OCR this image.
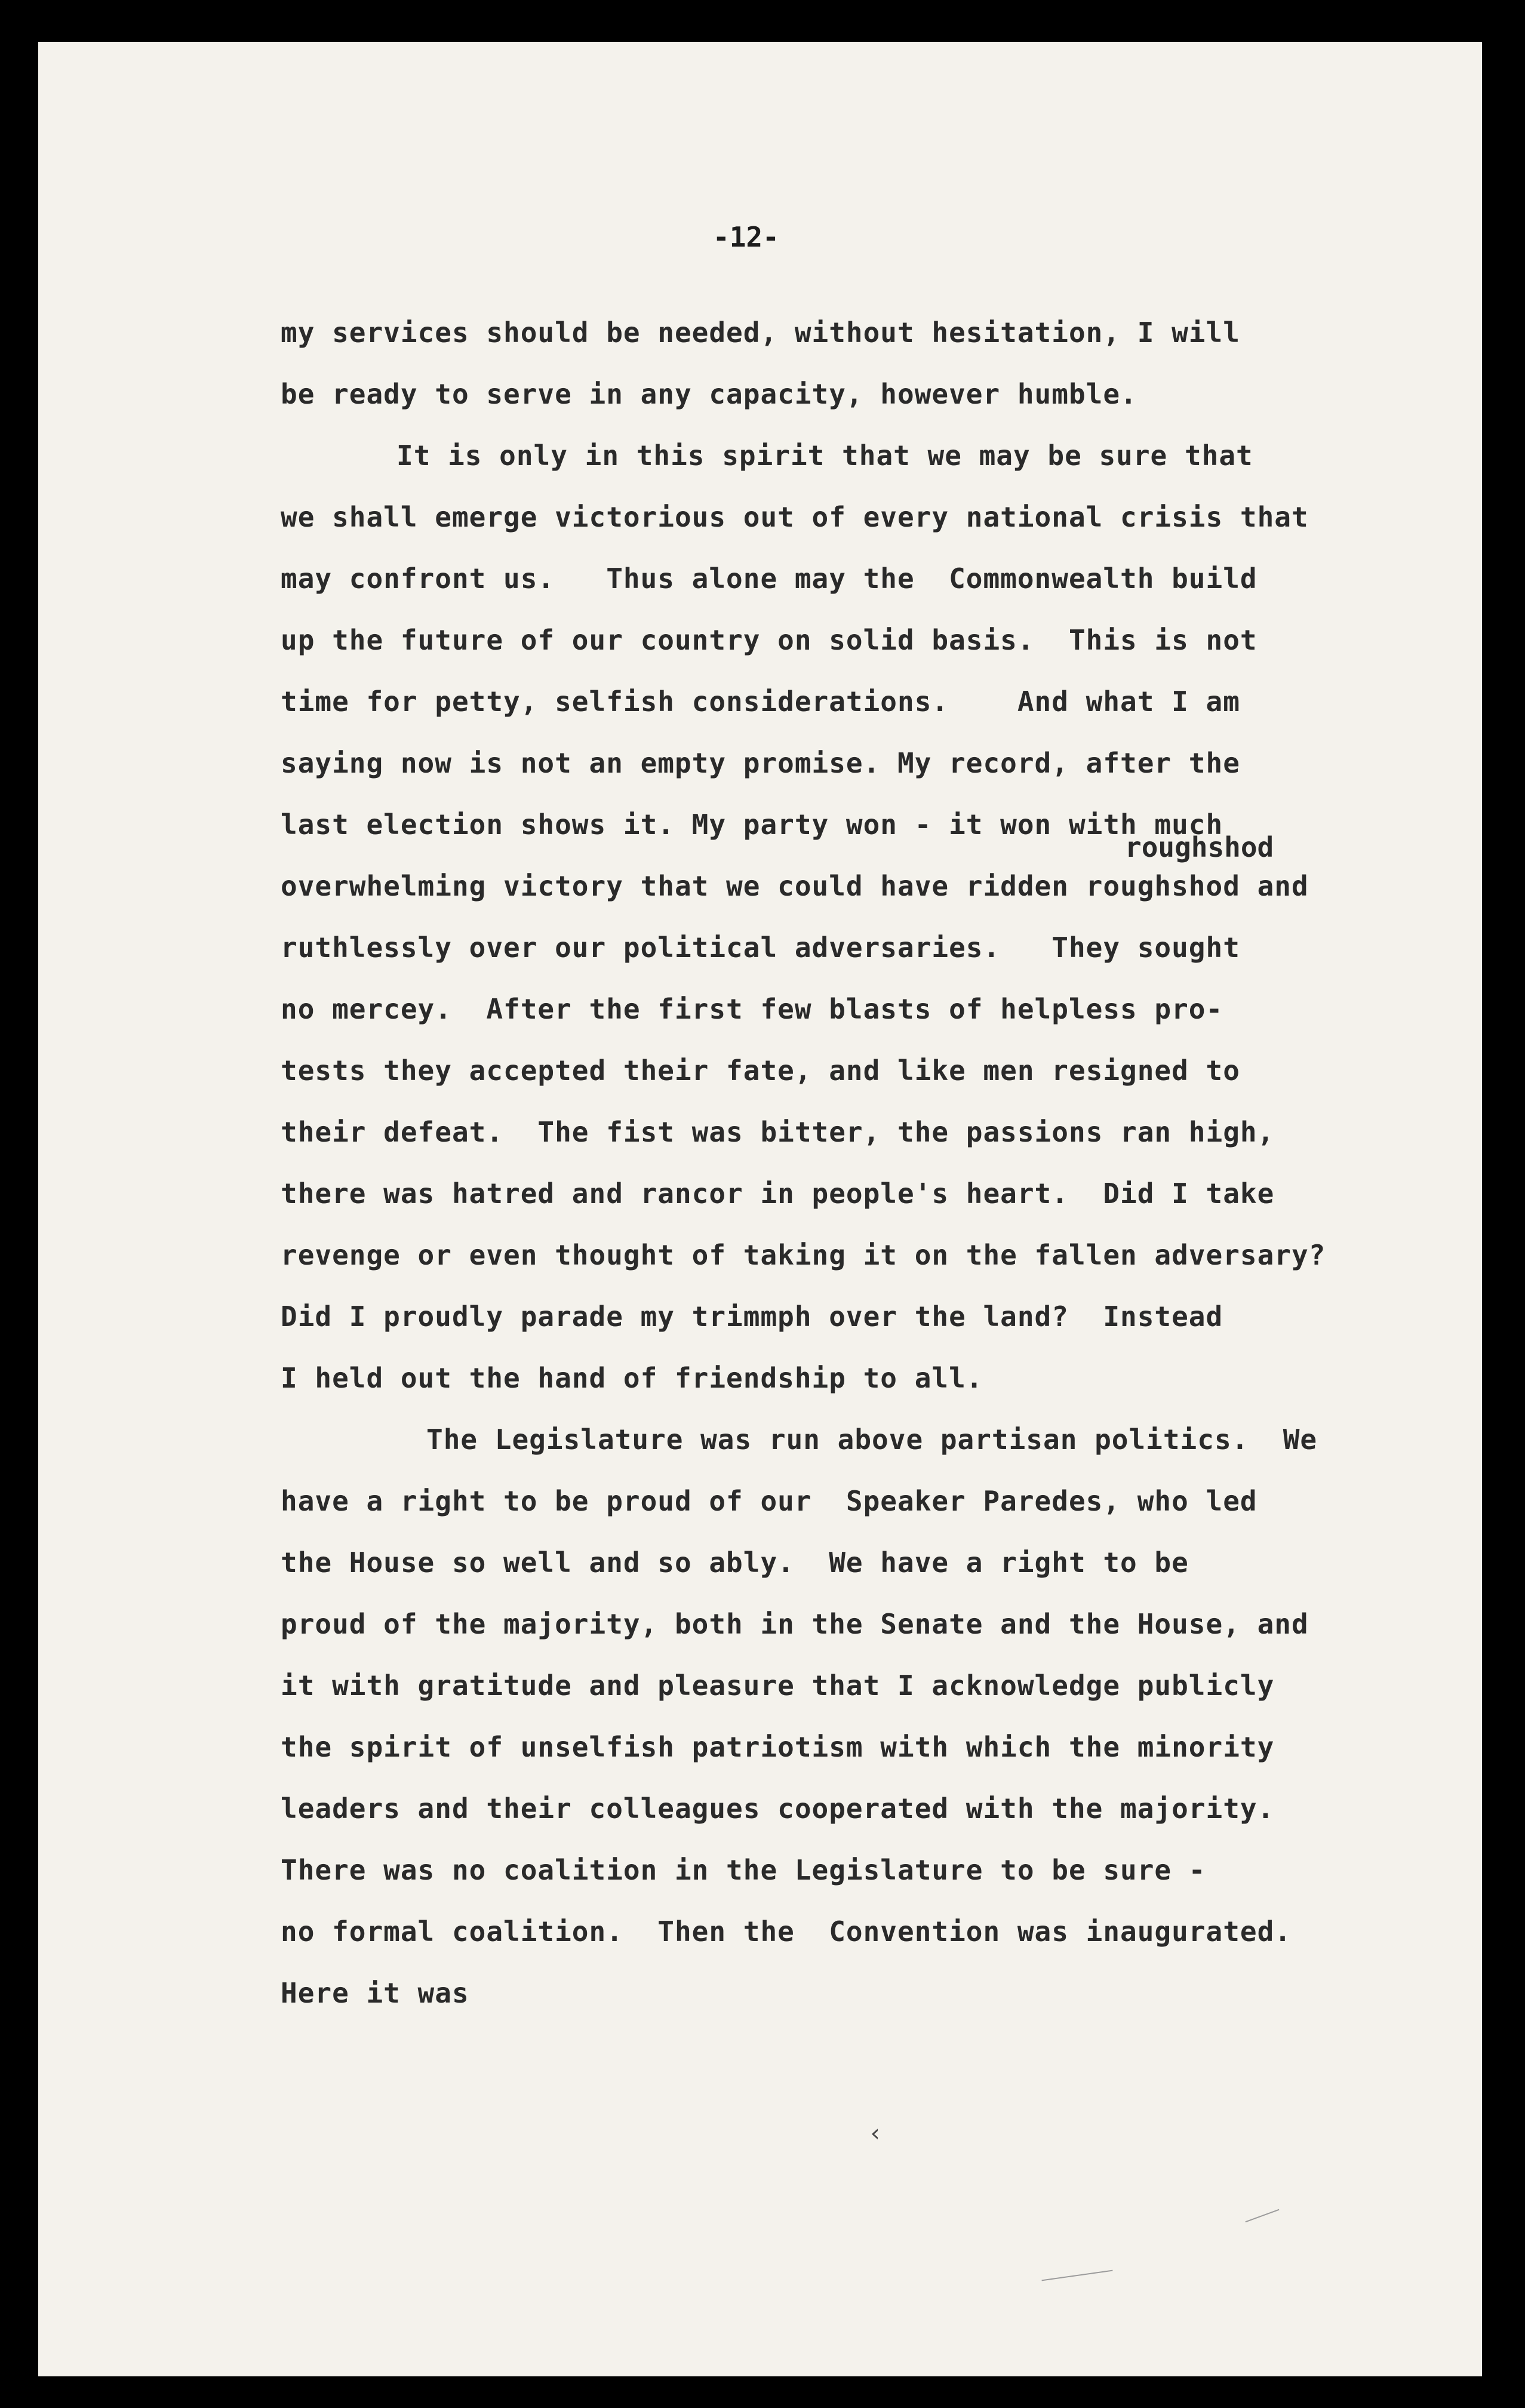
-12-
my services should be needed, without hesitation, I will
be ready to serve in any capacity, however humble.
It is only in this spirit that we may be sure that
we shall emerge victorious out of every national crisis that
may confront us.   Thus alone may the  Commonwealth build
up the future of our country on solid basis.  This is not
time for petty, selfish considerations.    And what I am
saying now is not an empty promise. My record, after the
last election shows it. My party won - it won with much
overwhelming victory that we could have ridden roughshod and
ruthlessly over our political adversaries.   They sought
no mercey.  After the first few blasts of helpless pro-
tests they accepted their fate, and like men resigned to
their defeat.  The fist was bitter, the passions ran high,
there was hatred and rancor in people's heart.  Did I take
revenge or even thought of taking it on the fallen adversary?
Did I proudly parade my trimmph over the land?  Instead
I held out the hand of friendship to all.
The Legislature was run above partisan politics.  We
have a right to be proud of our  Speaker Paredes, who led
the House so well and so ably.  We have a right to be
proud of the majority, both in the Senate and the House, and
it with gratitude and pleasure that I acknowledge publicly
the spirit of unselfish patriotism with which the minority
leaders and their colleagues cooperated with the majority.
There was no coalition in the Legislature to be sure -
no formal coalition.  Then the  Convention was inaugurated.
Here it was
roughshod
‹
